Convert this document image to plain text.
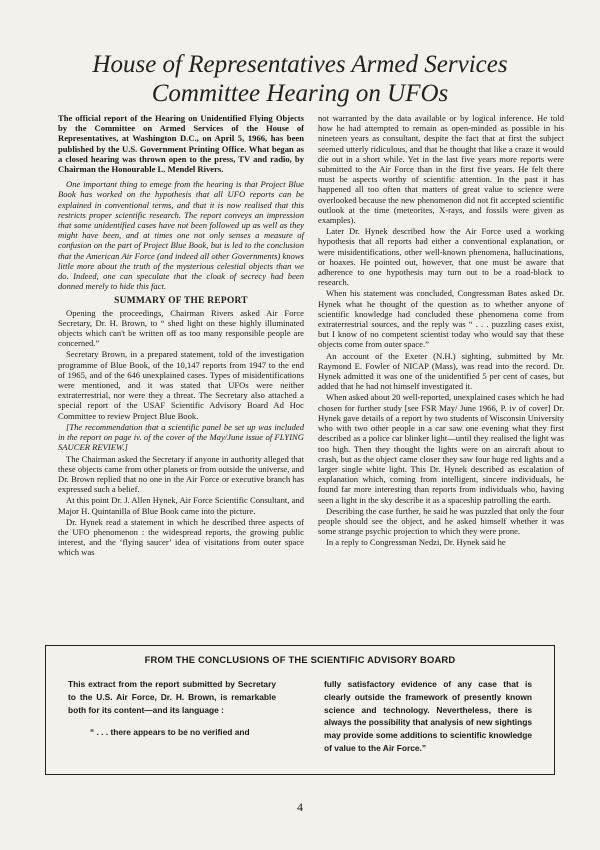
House of Representatives Armed Services
Committee Hearing on UFOs

The official report of the Hearing on Unidentified Flying Objects by the Committee on Armed Services of the House of Representatives, at Washington D.C., on April 5, 1966, has been published by the U.S. Government Printing Office. What began as a closed hearing was thrown open to the press, TV and radio, by Chairman the Honourable L. Mendel Rivers.

One important thing to emege from the hearing is that Project Blue Book has worked on the hypothesis that all UFO reports can be explained in conventional terms, and that it is now realised that this restricts proper scientific research. The report conveys an impression that some unidentified cases have not been followed up as well as they might have been, and at times one not only senses a measure of confusion on the part of Project Blue Book, but is led to the conclusion that the American Air Force (and indeed all other Governments) knows little more about the truth of the mysterious celestial objects than we do. Indeed, one can speculate that the cloak of secrecy had been donned merely to hide this fact.

SUMMARY OF THE REPORT

Opening the proceedings, Chairman Rivers asked Air Force Secretary, Dr. H. Brown, to “ shed light on these highly illuminated objects which can't be written off as too many responsible people are concerned.”

Secretary Brown, in a prepared statement, told of the investigation programme of Blue Book, of the 10,147 reports from 1947 to the end of 1965, and of the 646 unexplained cases. Types of misidentifications were mentioned, and it was stated that UFOs were neither extraterrestrial, nor were they a threat. The Secretary also attached a special report of the USAF Scientific Advisory Board Ad Hoc Committee to review Project Blue Book.

[The recommendation that a scientific panel be set up was included in the report on page iv. of the cover of the May/June issue of FLYING SAUCER REVIEW.]

The Chairman asked the Secretary if anyone in authority alleged that these objects came from other planets or from outside the universe, and Dr. Brown replied that no one in the Air Force or executive branch has expressed such a belief.

At this point Dr. J. Allen Hynek, Air Force Scientific Consultant, and Major H. Quintanilla of Blue Book came into the picture.

Dr. Hynek read a statement in which he described three aspects of the UFO phenomenon : the widespread reports, the growing public interest, and the ‘flying saucer’ idea of visitations from outer space which was

not warranted by the data available or by logical inference. He told how he had attempted to remain as open-minded as possible in his nineteen years as consultant, despite the fact that at first the subject seemed utterly ridiculous, and that he thought that like a craze it would die out in a short while. Yet in the last five years more reports were submitted to the Air Force than in the first five years. He felt there must be aspects worthy of scientific attention. In the past it has happened all too often that matters of great value to science were overlooked because the new phenomenon did not fit accepted scientific outlook at the time (meteorites, X-rays, and fossils were given as examples).

Later Dr. Hynek described how the Air Force used a working hypothesis that all reports had either a conventional explanation, or were misidentifications, other well-known phenomena, hallucinations, or hoaxes. He pointed out, however, that one must be aware that adherence to one hypothesis may turn out to be a road-block to research.

When his statement was concluded, Congressman Bates asked Dr. Hynek what he thought of the question as to whether anyone of scientific knowledge had concluded these phenomena come from extraterrestrial sources, and the reply was “ . . . puzzling cases exist, but I know of no competent scientist today who would say that these objects come from outer space.”

An account of the Exeter (N.H.) sighting, submitted by Mr. Raymond E. Fowler of NICAP (Mass), was read into the record. Dr. Hynek admitted it was one of the unidentified 5 per cent of cases, but added that he had not himself investigated it.

When asked about 20 well-reported, unexplained cases which he had chosen for further study [see FSR May/ June 1966, P. iv of cover] Dr. Hynek gave details of a report by two students of Wisconsin University who with two other people in a car saw one evening what they first described as a police car blinker light—until they realised the light was too high. Then they thought the lights were on an aircraft about to crash, but as the object came closer they saw four huge red lights and a larger single white light. This Dr. Hynek described as escalation of explanation which, coming from intelligent, sincere individuals, he found far more interesting than reports from individuals who, having seen a light in the sky describe it as a spaceship patrolling the earth.

Describing the case further, he said he was puzzled that only the four people should see the object, and he asked himself whether it was some strange psychic projection to which they were prone.

In a reply to Congressman Nedzi, Dr. Hynek said he

FROM THE CONCLUSIONS OF THE SCIENTIFIC ADVISORY BOARD

This extract from the report submitted by Secretary to the U.S. Air Force, Dr. H. Brown, is remarkable both for its content—and its language :

“ . . . there appears to be no verified and

fully satisfactory evidence of any case that is clearly outside the framework of presently known science and technology. Nevertheless, there is always the possibility that analysis of new sightings may provide some additions to scientific knowledge of value to the Air Force.”

4
